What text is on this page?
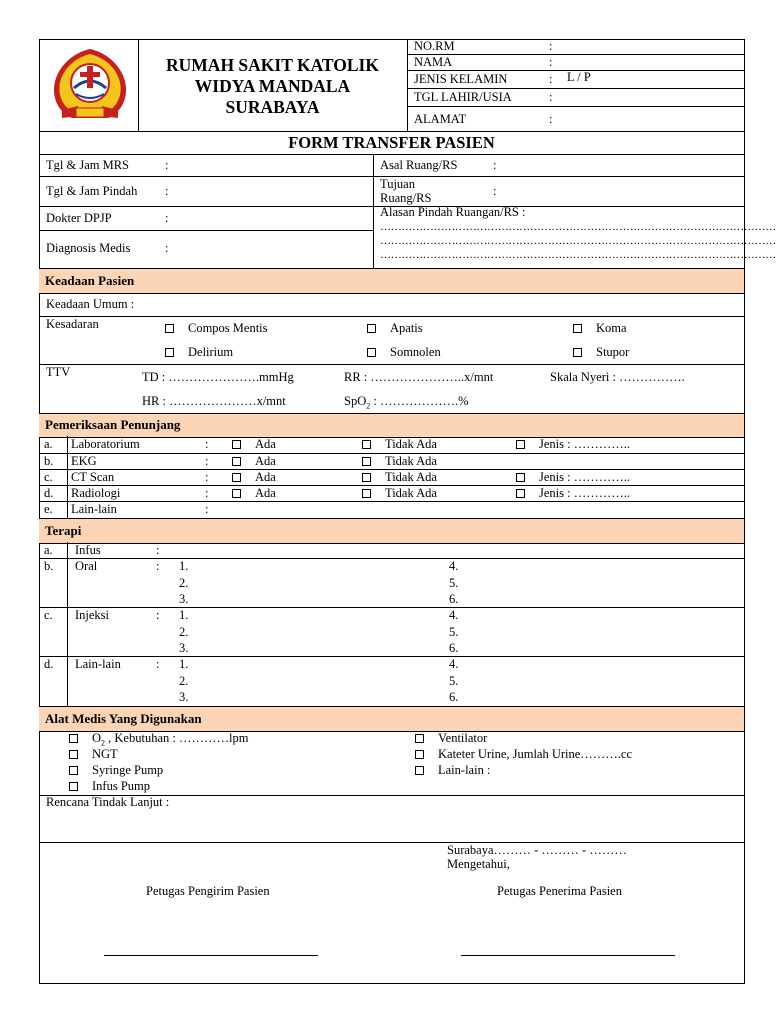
RUMAH SAKIT KATOLIK
WIDYA MANDALA
SURABAYA
NO.RM	:
NAMA	:
JENIS KELAMIN	: L / P
TGL LAHIR/USIA	:
ALAMAT	:
FORM TRANSFER PASIEN
Tgl & Jam MRS	:
Tgl & Jam Pindah :
Dokter DPJP	:
Diagnosis Medis	:
Asal Ruang/RS	:
Tujuan
Ruang/RS	:
Alasan Pindah Ruangan/RS :
…………………………………………………………………………………………………
…………………………………………………………………………………………………
…………………………………………………………………………………………………
Keadaan Pasien
Keadaan Umum :
Kesadaran	Compos Mentis	Apatis	Koma
Delirium	Somnolen	Stupor
TTV	TD : ………………….mmHg	RR : …………………..x/mnt	Skala Nyeri : …………….
HR : …………………x/mnt	SpO$_2$ : ……………….%
Pemeriksaan Penunjang
a. Laboratorium	:	Ada	Tidak Ada	Jenis : …………..
b. EKG	:	Ada	Tidak Ada
c. CT Scan	:	Ada	Tidak Ada	Jenis : …………..
d. Radiologi	:	Ada	Tidak Ada	Jenis : …………..
e. Lain-lain	:
Terapi
a. Infus	:
b. Oral	: 1.
2.
3.
4.
5.
6.
c. Injeksi	: 1.
2.
3.
4.
5.
6.
d. Lain-lain	: 1.
2.
3.
4.
5.
6.
Alat Medis Yang Digunakan
$O_2$ , Kebutuhan : …………lpm
NGT
Syringe Pump
Infus Pump
Ventilator
Kateter Urine, Jumlah Urine……….cc
Lain-lain :
Rencana Tindak Lanjut :
Surabaya……… - ……… - ………
Mengetahui,
Petugas Pengirim Pasien	Petugas Penerima Pasien
